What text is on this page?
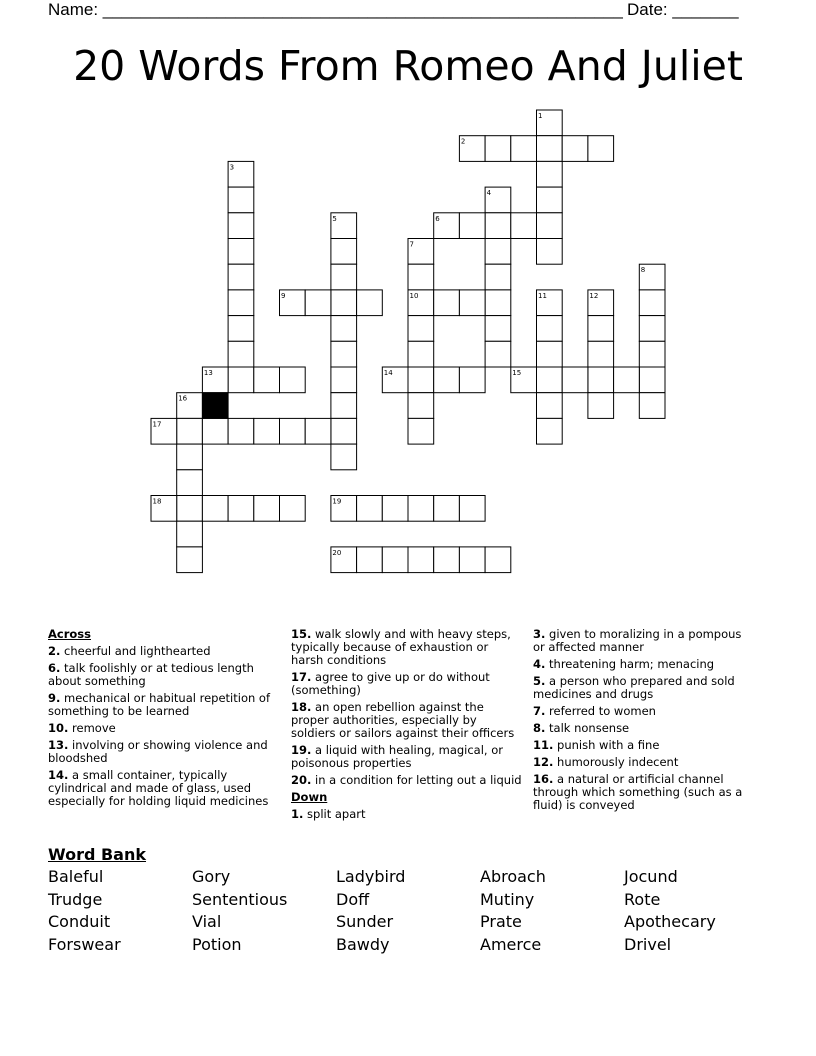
Name: _______________________________________________________ Date: _______
20 Words From Romeo And Juliet
1
2
3
4
5	6
7
8
9	10	11	12
13	14	15
16
17
18	19
20
Across
2. cheerful and lighthearted
6. talk foolishly or at tedious length about something
9. mechanical or habitual repetition of something to be learned
10. remove
13. involving or showing violence and bloodshed
14. a small container, typically cylindrical and made of glass, used especially for holding liquid medicines
15. walk slowly and with heavy steps, typically because of exhaustion or harsh conditions
17. agree to give up or do without (something)
18. an open rebellion against the proper authorities, especially by soldiers or sailors against their officers
19. a liquid with healing, magical, or poisonous properties
20. in a condition for letting out a liquid
Down
1. split apart
3. given to moralizing in a pompous or affected manner
4. threatening harm; menacing
5. a person who prepared and sold medicines and drugs
7. referred to women
8. talk nonsense
11. punish with a fine
12. humorously indecent
16. a natural or artificial channel through which something (such as a fluid) is conveyed
Word Bank
Baleful	Gory	Ladybird	Abroach	Jocund
Trudge	Sententious	Doff	Mutiny	Rote
Conduit	Vial	Sunder	Prate	Apothecary
Forswear	Potion	Bawdy	Amerce	Drivel
